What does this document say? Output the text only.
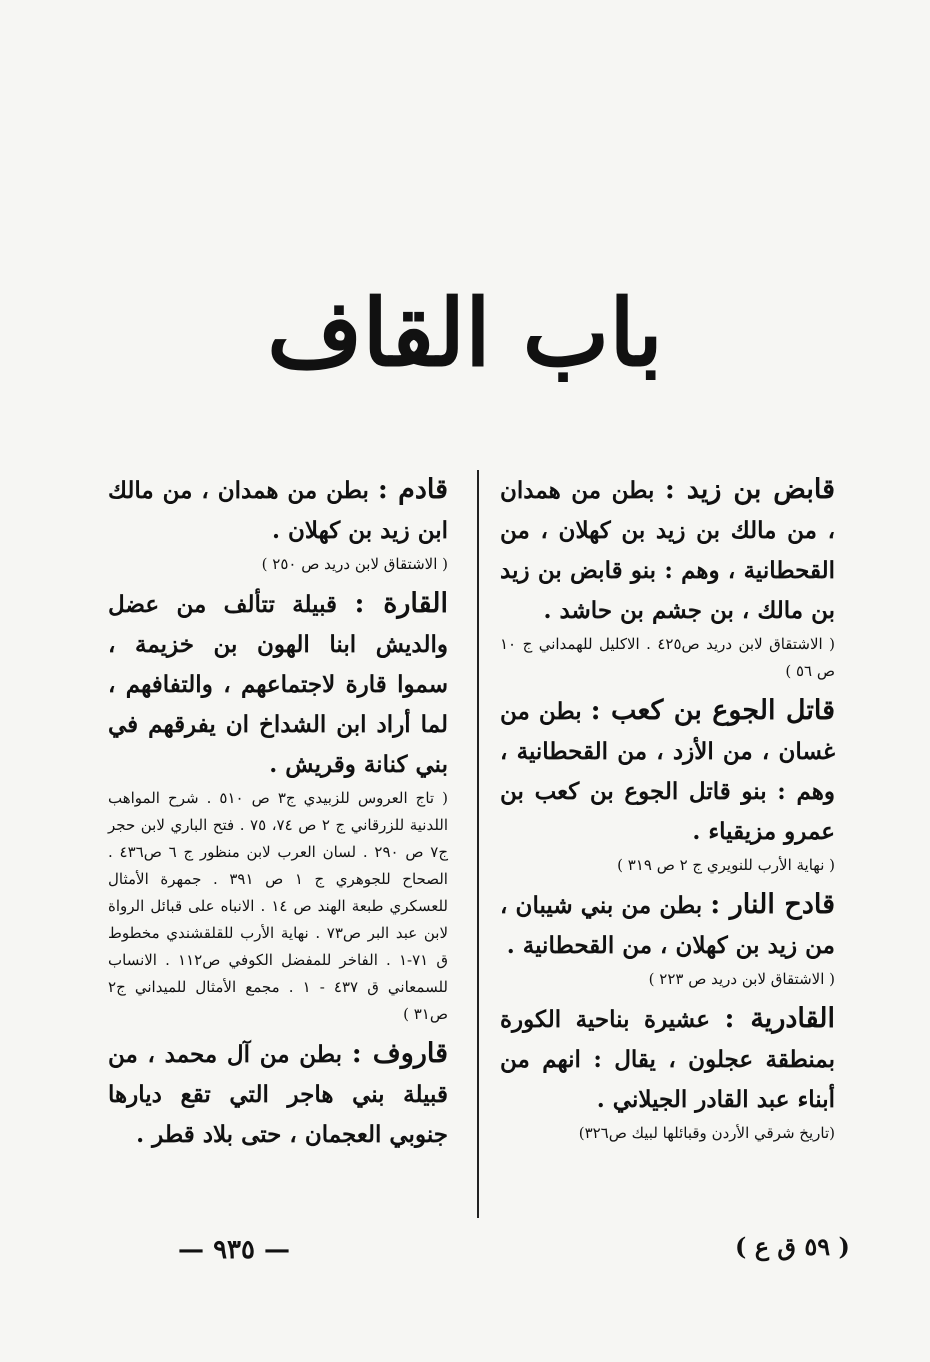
باب القاف

قابض بن زيد : بطن من همدان ، من مالك بن زيد بن كهلان ، من القحطانية ، وهم : بنو قابض بن زيد بن مالك ، بن جشم بن حاشد .

( الاشتقاق لابن دريد ص٤٢٥ . الاكليل للهمداني ج ١٠ ص ٥٦ )

قاتل الجوع بن كعب : بطن من غسان ، من الأزد ، من القحطانية ، وهم : بنو قاتل الجوع بن كعب بن عمرو مزيقياء .

( نهاية الأرب للنويري ج ٢ ص ٣١٩ )

قادح النار : بطن من بني شيبان ، من زيد بن كهلان ، من القحطانية .

( الاشتقاق لابن دريد ص ٢٢٣ )

القادرية : عشيرة بناحية الكورة بمنطقة عجلون ، يقال : انهم من أبناء عبد القادر الجيلاني .

(تاريخ شرقي الأردن وقبائلها لبيك ص٣٢٦)

قادم : بطن من همدان ، من مالك ابن زيد بن كهلان .

( الاشتقاق لابن دريد ص ٢٥٠ )

القارة : قبيلة تتألف من عضل والديش ابنا الهون بن خزيمة ، سموا قارة لاجتماعهم ، والتفافهم ، لما أراد ابن الشداخ ان يفرقهم في بني كنانة وقريش .

( تاج العروس للزبيدي ج٣ ص ٥١٠ . شرح المواهب اللدنية للزرقاني ج ٢ ص ٧٤، ٧٥ . فتح الباري لابن حجر ج٧ ص ٢٩٠ . لسان العرب لابن منظور ج ٦ ص٤٣٦ . الصحاح للجوهري ج ١ ص ٣٩١ . جمهرة الأمثال للعسكري طبعة الهند ص ١٤ . الانباه على قبائل الرواة لابن عبد البر ص٧٣ . نهاية الأرب للقلقشندي مخطوط ق ٧١-١ . الفاخر للمفضل الكوفي ص١١٢ . الانساب للسمعاني ق ٤٣٧ - ١ . مجمع الأمثال للميداني ج٢ ص٣١ )

قاروف : بطن من آل محمد ، من قبيلة بني هاجر التي تقع ديارها جنوبي العجمان ، حتى بلاد قطر .

— ٩٣٥ —	( ٥٩ ق ع )
